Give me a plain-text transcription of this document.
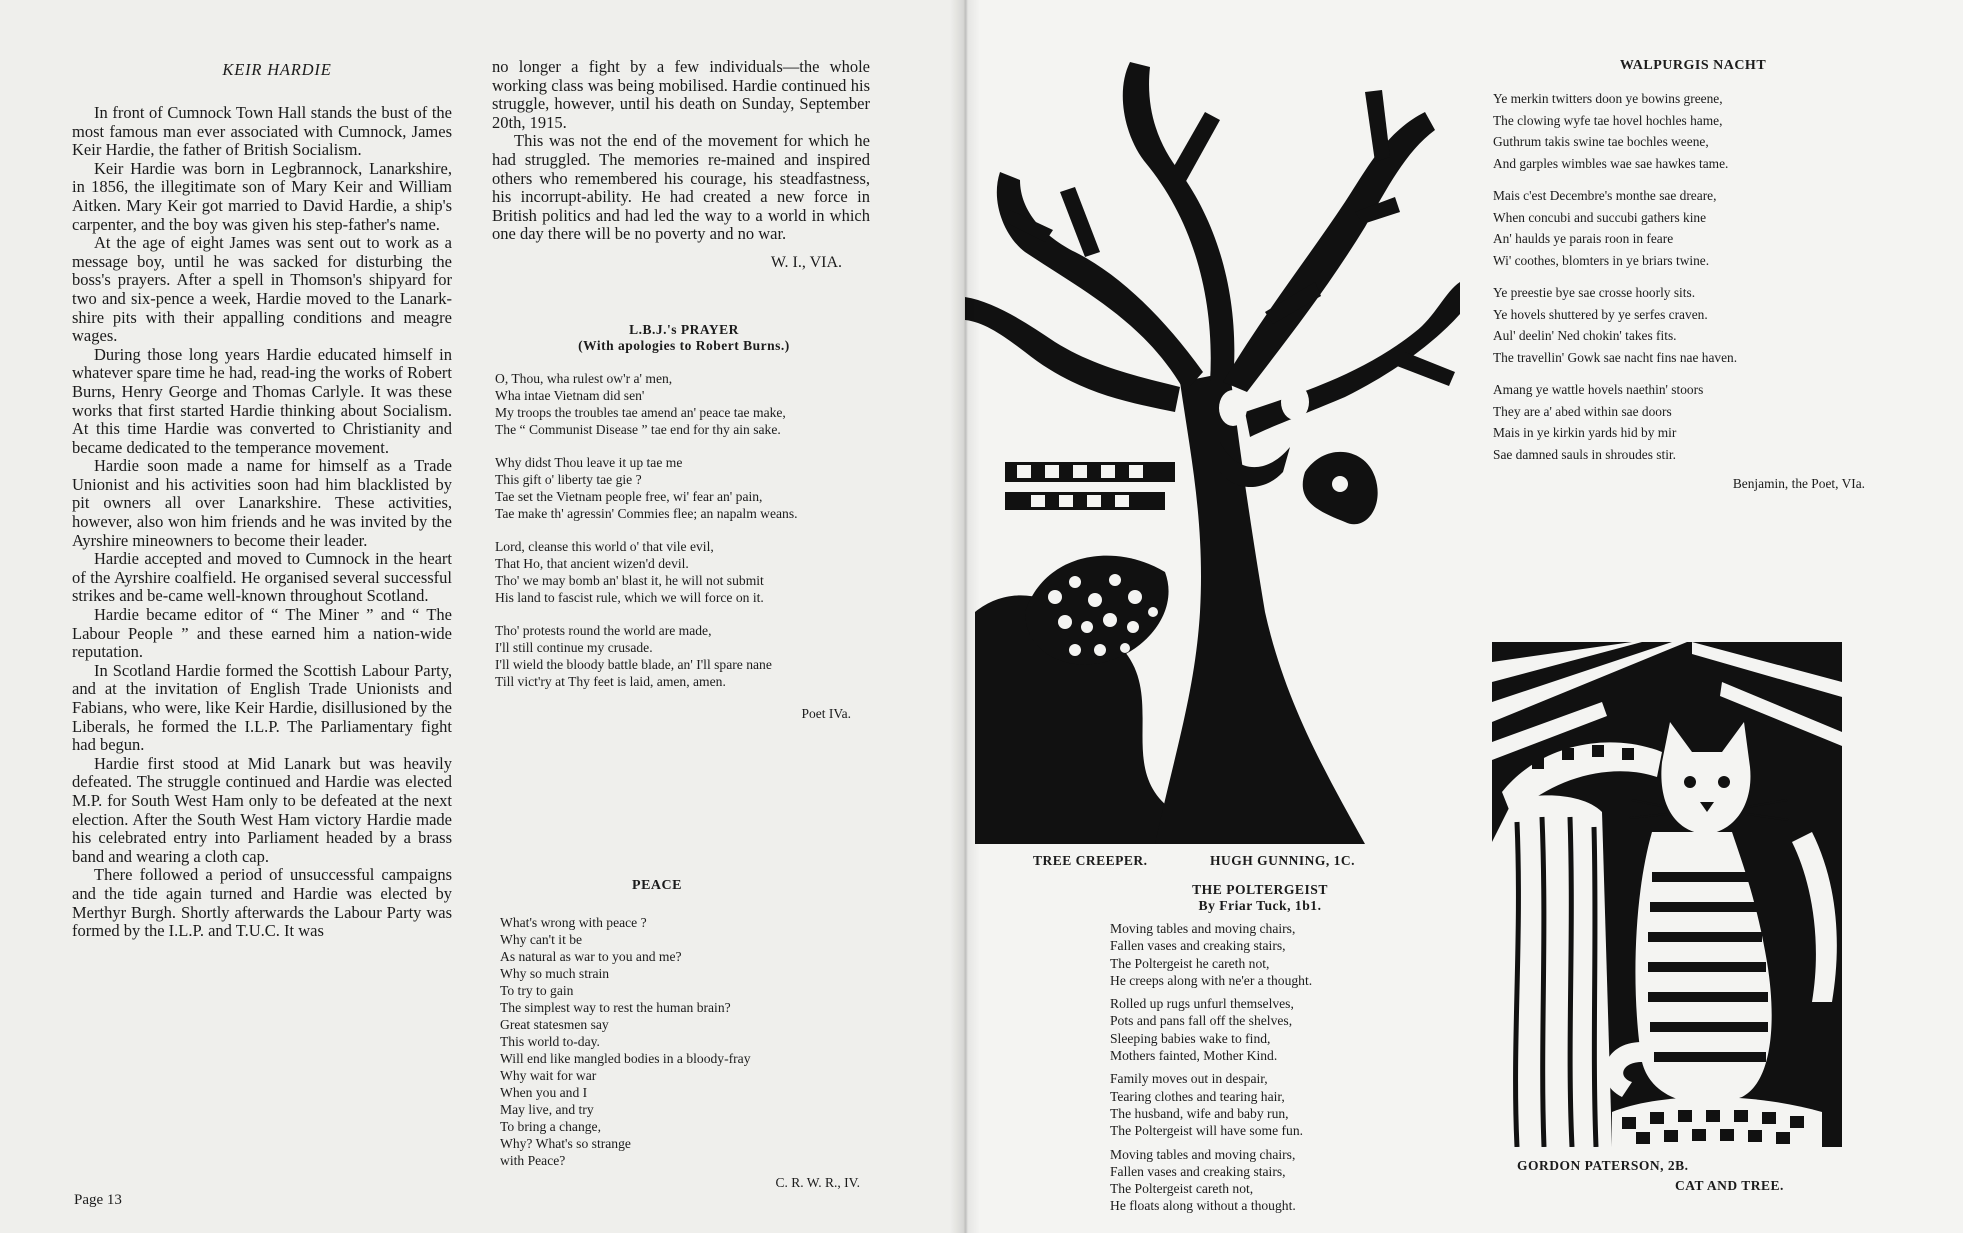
KEIR HARDIE

In front of Cumnock Town Hall stands the bust of the most famous man ever associated with Cumnock, James Keir Hardie, the father of British Socialism.

Keir Hardie was born in Legbrannock, Lanarkshire, in 1856, the illegitimate son of Mary Keir and William Aitken. Mary Keir got married to David Hardie, a ship's carpenter, and the boy was given his step-father's name.

At the age of eight James was sent out to work as a message boy, until he was sacked for disturbing the boss's prayers. After a spell in Thomson's shipyard for two and six-pence a week, Hardie moved to the Lanark-shire pits with their appalling conditions and meagre wages.

During those long years Hardie educated himself in whatever spare time he had, read-ing the works of Robert Burns, Henry George and Thomas Carlyle. It was these works that first started Hardie thinking about Socialism. At this time Hardie was converted to Christianity and became dedicated to the temperance movement.

Hardie soon made a name for himself as a Trade Unionist and his activities soon had him blacklisted by pit owners all over Lanarkshire. These activities, however, also won him friends and he was invited by the Ayrshire mineowners to become their leader.

Hardie accepted and moved to Cumnock in the heart of the Ayrshire coalfield. He organised several successful strikes and be-came well-known throughout Scotland.

Hardie became editor of “ The Miner ” and “ The Labour People ” and these earned him a nation-wide reputation.

In Scotland Hardie formed the Scottish Labour Party, and at the invitation of English Trade Unionists and Fabians, who were, like Keir Hardie, disillusioned by the Liberals, he formed the I.L.P. The Parliamentary fight had begun.

Hardie first stood at Mid Lanark but was heavily defeated. The struggle continued and Hardie was elected M.P. for South West Ham only to be defeated at the next election. After the South West Ham victory Hardie made his celebrated entry into Parliament headed by a brass band and wearing a cloth cap.

There followed a period of unsuccessful campaigns and the tide again turned and Hardie was elected by Merthyr Burgh. Shortly afterwards the Labour Party was formed by the I.L.P. and T.U.C. It was

Page 13

no longer a fight by a few individuals—the whole working class was being mobilised. Hardie continued his struggle, however, until his death on Sunday, September 20th, 1915.

This was not the end of the movement for which he had struggled. The memories re-mained and inspired others who remembered his courage, his steadfastness, his incorrupt-ability. He had created a new force in British politics and had led the way to a world in which one day there will be no poverty and no war.

W. I., VIA.
L.B.J.'s PRAYER
(With apologies to Robert Burns.)
O, Thou, wha rulest ow'r a' men,
Wha intae Vietnam did sen'
My troops the troubles tae amend an' peace tae make,
The “ Communist Disease ” tae end for thy ain sake.
Why didst Thou leave it up tae me
This gift o' liberty tae gie ?
Tae set the Vietnam people free, wi' fear an' pain,
Tae make th' agressin' Commies flee; an napalm weans.
Lord, cleanse this world o' that vile evil,
That Ho, that ancient wizen'd devil.
Tho' we may bomb an' blast it, he will not submit
His land to fascist rule, which we will force on it.
Tho' protests round the world are made,
I'll still continue my crusade.
I'll wield the bloody battle blade, an' I'll spare nane
Till vict'ry at Thy feet is laid, amen, amen.
Poet IVa.
PEACE
What's wrong with peace ?
Why can't it be
As natural as war to you and me?
Why so much strain
To try to gain
The simplest way to rest the human brain?
Great statesmen say
This world to-day.
Will end like mangled bodies in a bloody-fray
Why wait for war
When you and I
May live, and try
To bring a change,
Why? What's so strange
with Peace?
C. R. W. R., IV.
TREE CREEPER.	HUGH GUNNING, 1C.
THE POLTERGEIST
By Friar Tuck, 1b1.
Moving tables and moving chairs,
Fallen vases and creaking stairs,
The Poltergeist he careth not,
He creeps along with ne'er a thought.
Rolled up rugs unfurl themselves,
Pots and pans fall off the shelves,
Sleeping babies wake to find,
Mothers fainted, Mother Kind.
Family moves out in despair,
Tearing clothes and tearing hair,
The husband, wife and baby run,
The Poltergeist will have some fun.
Moving tables and moving chairs,
Fallen vases and creaking stairs,
The Poltergeist careth not,
He floats along without a thought.
WALPURGIS NACHT
Ye merkin twitters doon ye bowins greene,
The clowing wyfe tae hovel hochles hame,
Guthrum takis swine tae bochles weene,
And garples wimbles wae sae hawkes tame.
Mais c'est Decembre's monthe sae dreare,
When concubi and succubi gathers kine
An' haulds ye parais roon in feare
Wi' coothes, blomters in ye briars twine.
Ye preestie bye sae crosse hoorly sits.
Ye hovels shuttered by ye serfes craven.
Aul' deelin' Ned chokin' takes fits.
The travellin' Gowk sae nacht fins nae haven.
Amang ye wattle hovels naethin' stoors
They are a' abed within sae doors
Mais in ye kirkin yards hid by mir
Sae damned sauls in shroudes stir.
Benjamin, the Poet, VIa.
GORDON PATERSON, 2B.
CAT AND TREE.
